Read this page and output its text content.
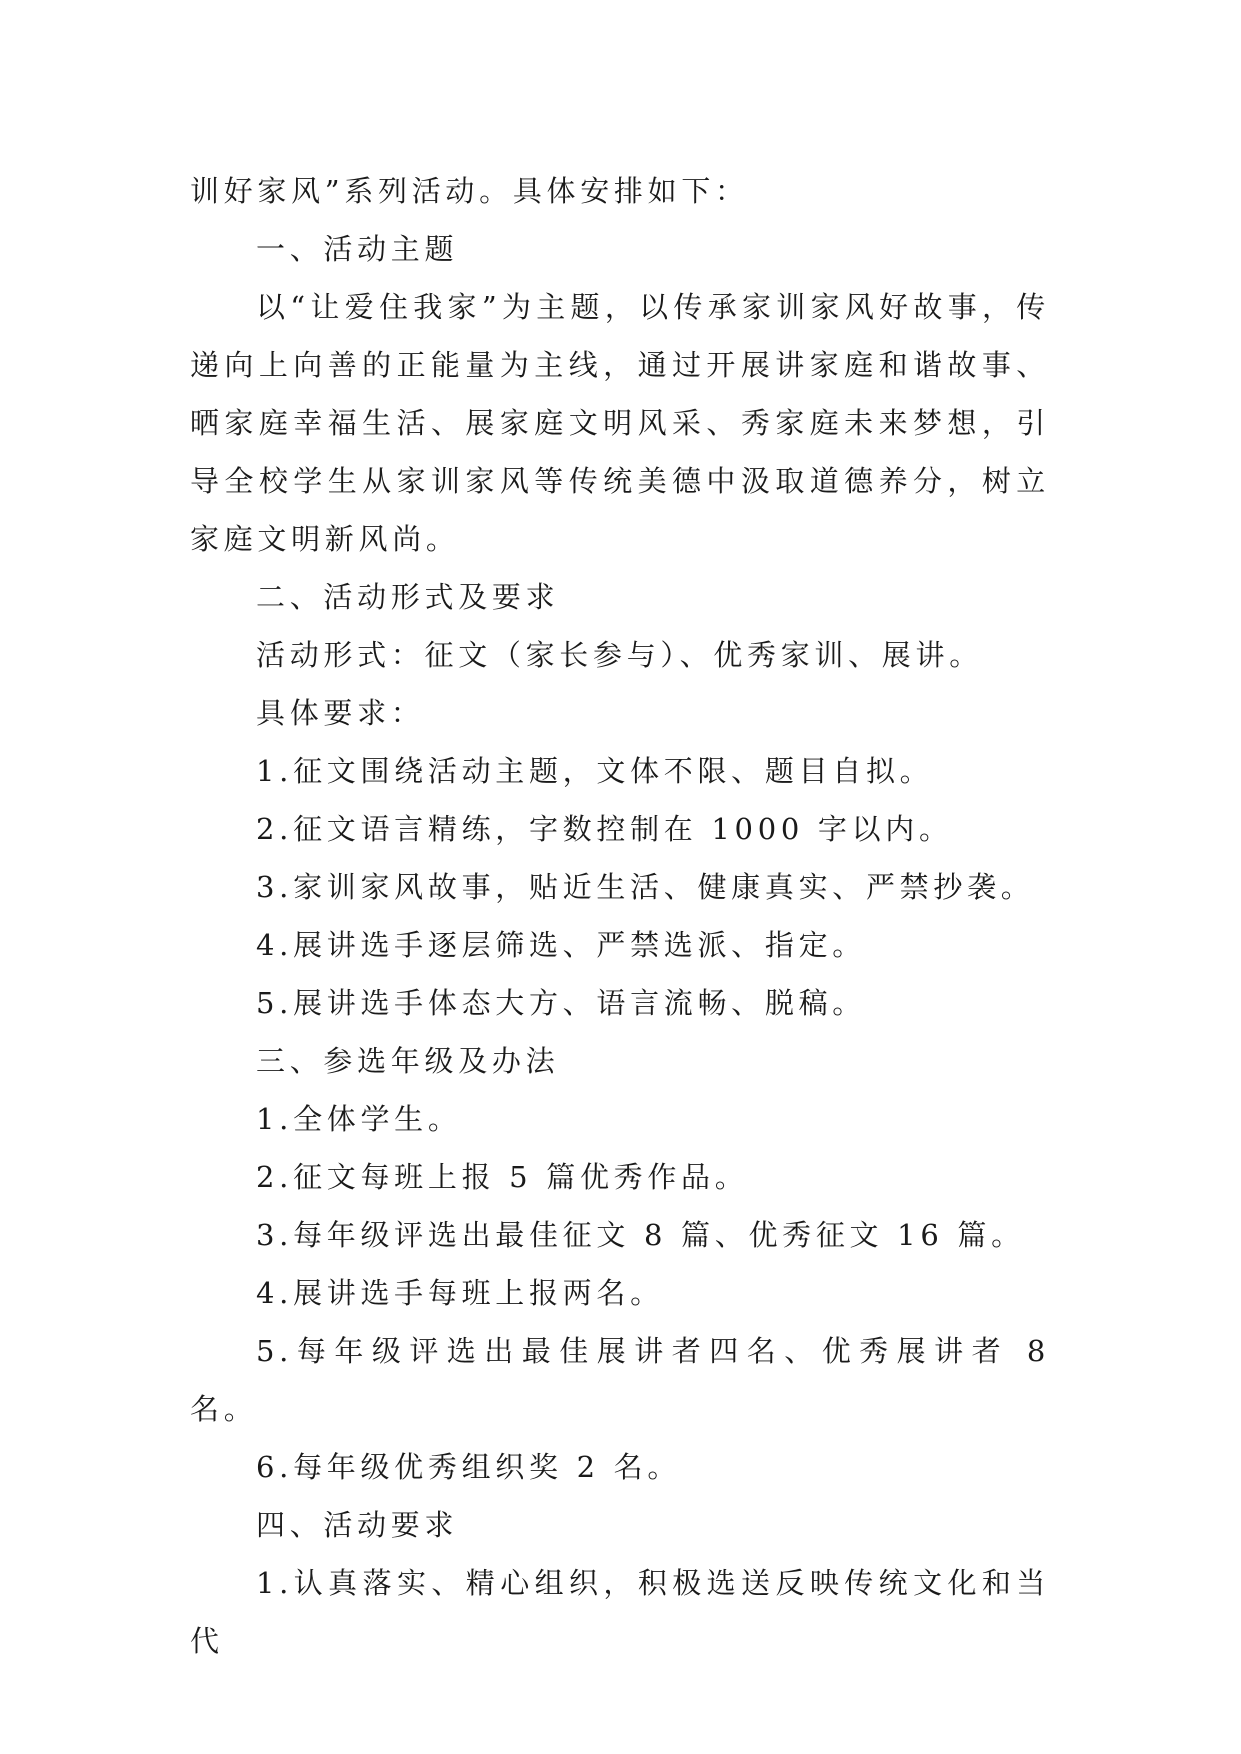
训好家风”系列活动。具体安排如下：

一、活动主题

以“让爱住我家”为主题，以传承家训家风好故事，传递向上向善的正能量为主线，通过开展讲家庭和谐故事、晒家庭幸福生活、展家庭文明风采、秀家庭未来梦想，引导全校学生从家训家风等传统美德中汲取道德养分，树立家庭文明新风尚。

二、活动形式及要求

活动形式：征文（家长参与）、优秀家训、展讲。

具体要求：

1.征文围绕活动主题，文体不限、题目自拟。

2.征文语言精练，字数控制在 1000 字以内。

3.家训家风故事，贴近生活、健康真实、严禁抄袭。

4.展讲选手逐层筛选、严禁选派、指定。

5.展讲选手体态大方、语言流畅、脱稿。

三、参选年级及办法

1.全体学生。

2.征文每班上报 5 篇优秀作品。

3.每年级评选出最佳征文 8 篇、优秀征文 16 篇。

4.展讲选手每班上报两名。

5.每年级评选出最佳展讲者四名、优秀展讲者 8 名。

6.每年级优秀组织奖 2 名。

四、活动要求

1.认真落实、精心组织，积极选送反映传统文化和当代
